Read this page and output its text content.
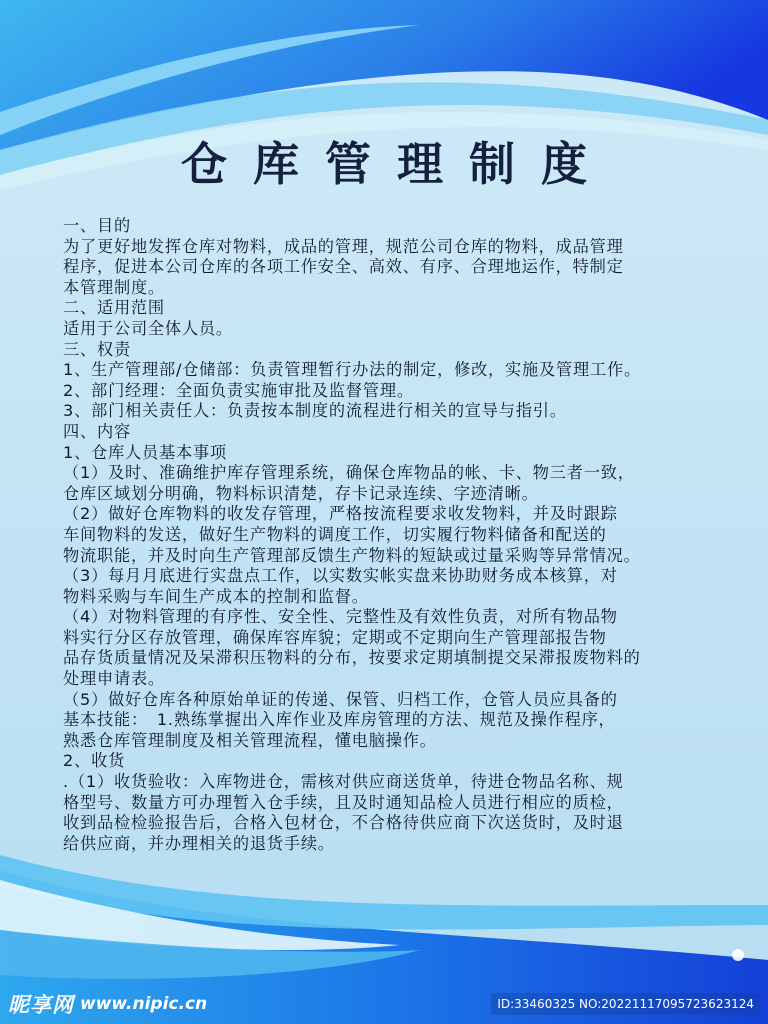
仓库管理制度
一、目的
为了更好地发挥仓库对物料，成品的管理，规范公司仓库的物料，成品管理
程序，促进本公司仓库的各项工作安全、高效、有序、合理地运作，特制定
本管理制度。
二、适用范围
适用于公司全体人员。
三、权责
1、生产管理部/仓储部：负责管理暂行办法的制定，修改，实施及管理工作。
2、部门经理：全面负责实施审批及监督管理。
3、部门相关责任人：负责按本制度的流程进行相关的宣导与指引。
四、内容
1、仓库人员基本事项
（1）及时、准确维护库存管理系统，确保仓库物品的帐、卡、物三者一致，
仓库区域划分明确，物料标识清楚，存卡记录连续、字迹清晰。
（2）做好仓库物料的收发存管理，严格按流程要求收发物料，并及时跟踪
车间物料的发送，做好生产物料的调度工作，切实履行物料储备和配送的
物流职能，并及时向生产管理部反馈生产物料的短缺或过量采购等异常情况。
（3）每月月底进行实盘点工作，以实数实帐实盘来协助财务成本核算，对
物料采购与车间生产成本的控制和监督。
（4）对物料管理的有序性、安全性、完整性及有效性负责，对所有物品物
料实行分区存放管理，确保库容库貌；定期或不定期向生产管理部报告物
品存货质量情况及呆滞积压物料的分布，按要求定期填制提交呆滞报废物料的
处理申请表。
（5）做好仓库各种原始单证的传递、保管、归档工作，仓管人员应具备的
基本技能：　1.熟练掌握出入库作业及库房管理的方法、规范及操作程序，
熟悉仓库管理制度及相关管理流程，懂电脑操作。
2、收货
.（1）收货验收：入库物进仓，需核对供应商送货单，待进仓物品名称、规
格型号、数量方可办理暂入仓手续，且及时通知品检人员进行相应的质检，
收到品检检验报告后，合格入包材仓，不合格待供应商下次送货时，及时退
给供应商，并办理相关的退货手续。
昵享网 www.nipic.cn	ID:33460325 NO:20221117095723623124
